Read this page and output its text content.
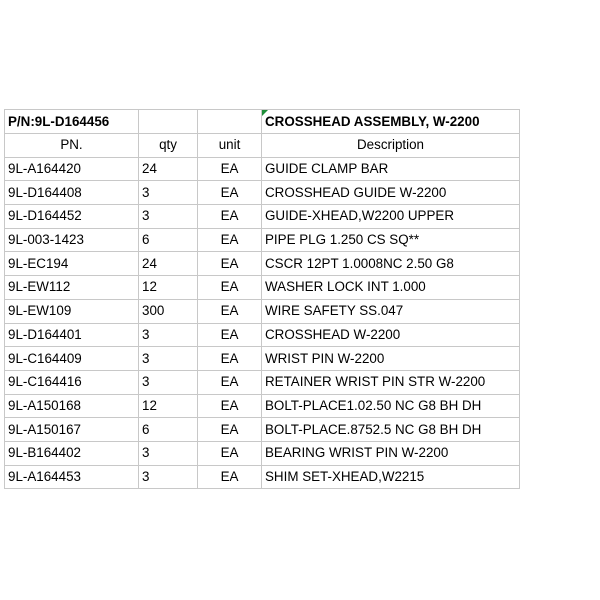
P/N:9L-D164456			CROSSHEAD ASSEMBLY, W-2200
PN.	qty	unit	Description
9L-A164420	24	EA	GUIDE CLAMP BAR
9L-D164408	3	EA	CROSSHEAD GUIDE W-2200
9L-D164452	3	EA	GUIDE-XHEAD,W2200 UPPER
9L-003-1423	6	EA	PIPE PLG 1.250 CS SQ**
9L-EC194	24	EA	CSCR 12PT 1.0008NC 2.50 G8
9L-EW112	12	EA	WASHER LOCK INT 1.000
9L-EW109	300	EA	WIRE SAFETY SS.047
9L-D164401	3	EA	CROSSHEAD W-2200
9L-C164409	3	EA	WRIST PIN W-2200
9L-C164416	3	EA	RETAINER WRIST PIN STR W-2200
9L-A150168	12	EA	BOLT-PLACE1.02.50 NC G8 BH DH
9L-A150167	6	EA	BOLT-PLACE.8752.5 NC G8 BH DH
9L-B164402	3	EA	BEARING WRIST PIN W-2200
9L-A164453	3	EA	SHIM SET-XHEAD,W2215
